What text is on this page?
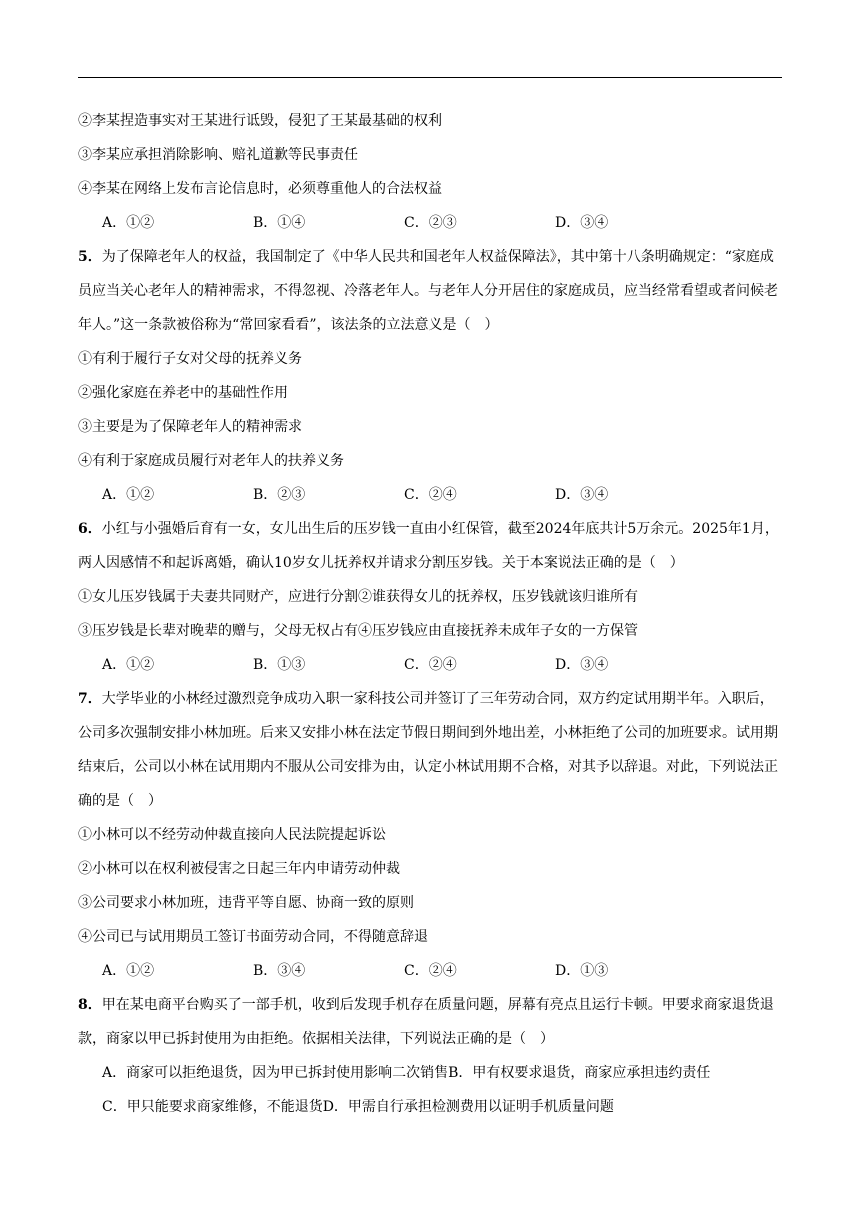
②李某捏造事实对王某进行诋毁，侵犯了王某最基础的权利
③李某应承担消除影响、赔礼道歉等民事责任
④李某在网络上发布言论信息时，必须尊重他人的合法权益
A．①②	B．①④	C．②③	D．③④
5．为了保障老年人的权益，我国制定了《中华人民共和国老年人权益保障法》，其中第十八条明确规定：“家庭成员应当关心老年人的精神需求，不得忽视、冷落老年人。与老年人分开居住的家庭成员，应当经常看望或者问候老年人。”这一条款被俗称为“常回家看看”，该法条的立法意义是（　）
①有利于履行子女对父母的抚养义务
②强化家庭在养老中的基础性作用
③主要是为了保障老年人的精神需求
④有利于家庭成员履行对老年人的扶养义务
A．①②	B．②③	C．②④	D．③④
6．小红与小强婚后育有一女，女儿出生后的压岁钱一直由小红保管，截至2024年底共计5万余元。2025年1月，两人因感情不和起诉离婚，确认10岁女儿抚养权并请求分割压岁钱。关于本案说法正确的是（　）
①女儿压岁钱属于夫妻共同财产，应进行分割②谁获得女儿的抚养权，压岁钱就该归谁所有
③压岁钱是长辈对晚辈的赠与，父母无权占有④压岁钱应由直接抚养未成年子女的一方保管
A．①②	B．①③	C．②④	D．③④
7．大学毕业的小林经过激烈竞争成功入职一家科技公司并签订了三年劳动合同，双方约定试用期半年。入职后，公司多次强制安排小林加班。后来又安排小林在法定节假日期间到外地出差，小林拒绝了公司的加班要求。试用期结束后，公司以小林在试用期内不服从公司安排为由，认定小林试用期不合格，对其予以辞退。对此，下列说法正确的是（　）
①小林可以不经劳动仲裁直接向人民法院提起诉讼
②小林可以在权利被侵害之日起三年内申请劳动仲裁
③公司要求小林加班，违背平等自愿、协商一致的原则
④公司已与试用期员工签订书面劳动合同，不得随意辞退
A．①②	B．③④	C．②④	D．①③
8．甲在某电商平台购买了一部手机，收到后发现手机存在质量问题，屏幕有亮点且运行卡顿。甲要求商家退货退款，商家以甲已拆封使用为由拒绝。依据相关法律，下列说法正确的是（　）
A．商家可以拒绝退货，因为甲已拆封使用影响二次销售B．甲有权要求退货，商家应承担违约责任
C．甲只能要求商家维修，不能退货D．甲需自行承担检测费用以证明手机质量问题
